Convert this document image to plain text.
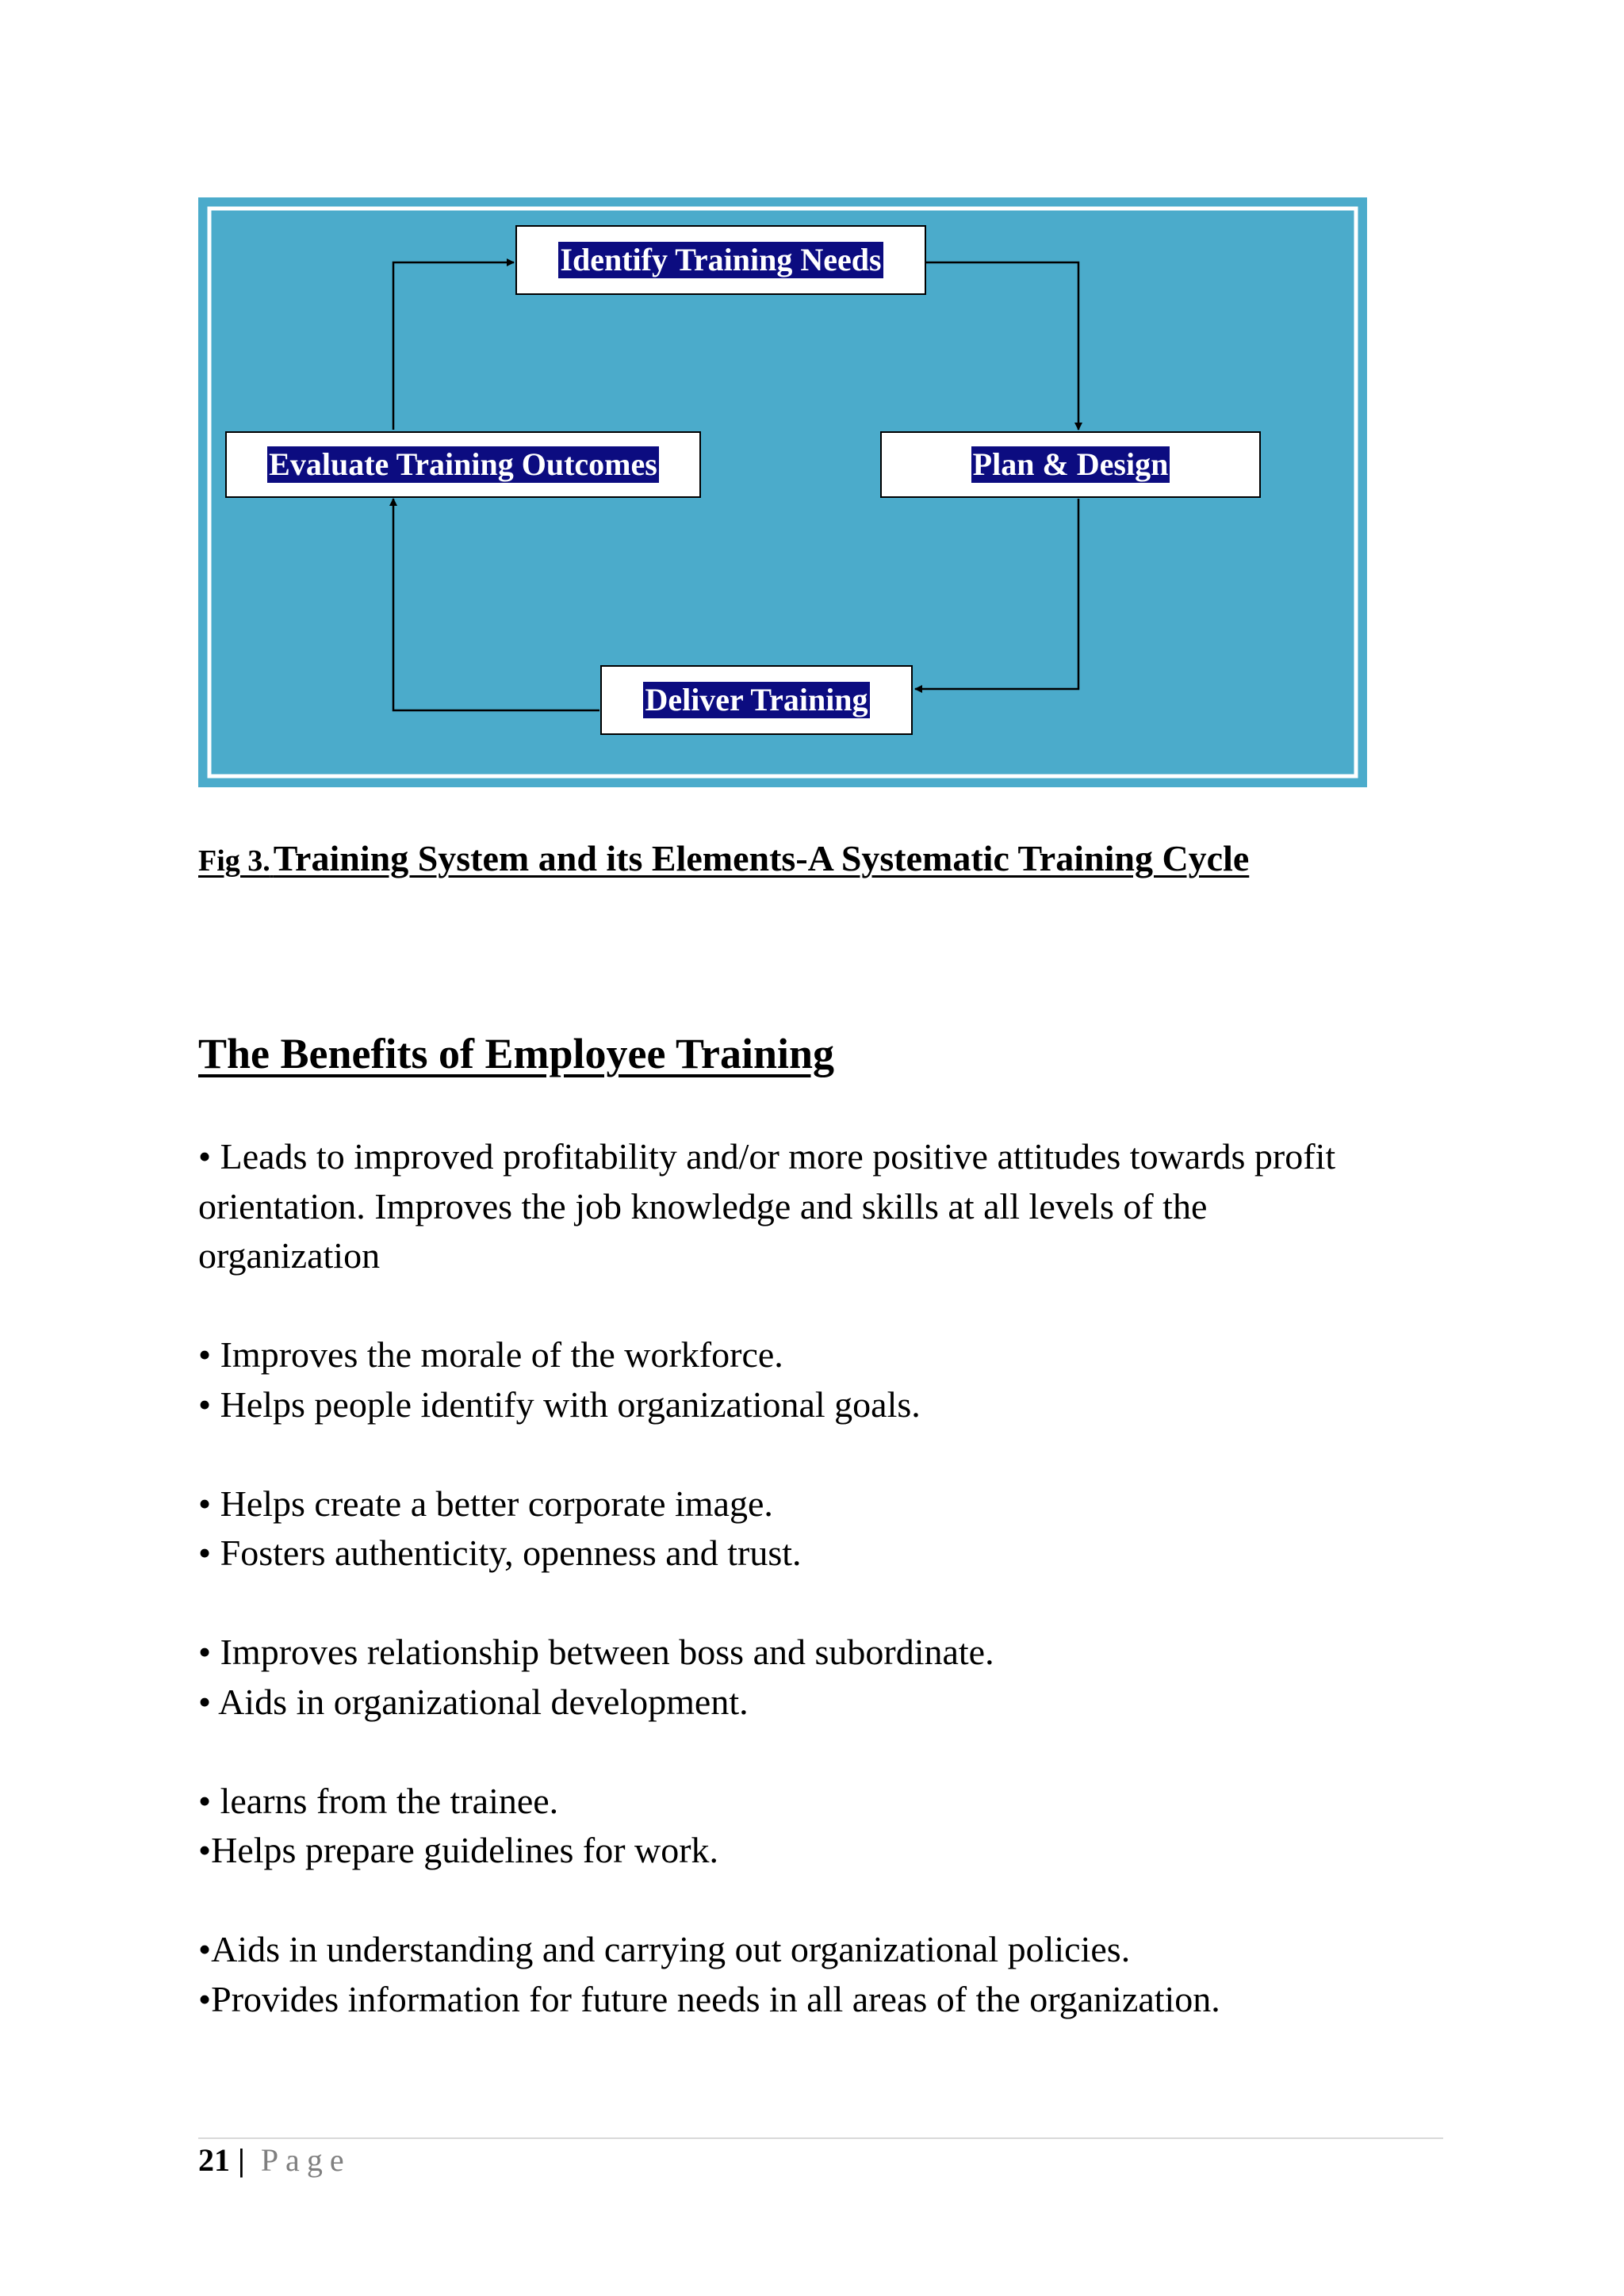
Identify Training Needs
Plan & Design
Deliver Training
Evaluate Training Outcomes
Fig 3. Training System and its Elements-A Systematic Training Cycle
The Benefits of Employee Training

• Leads to improved profitability and/or more positive attitudes towards profit
orientation. Improves the job knowledge and skills at all levels of the
organization

• Improves the morale of the workforce.
• Helps people identify with organizational goals.

• Helps create a better corporate image.
• Fosters authenticity, openness and trust.

• Improves relationship between boss and subordinate.
• Aids in organizational development.

• learns from the trainee.
•Helps prepare guidelines for work.

•Aids in understanding and carrying out organizational policies.
•Provides information for future needs in all areas of the organization.

21 | Page
